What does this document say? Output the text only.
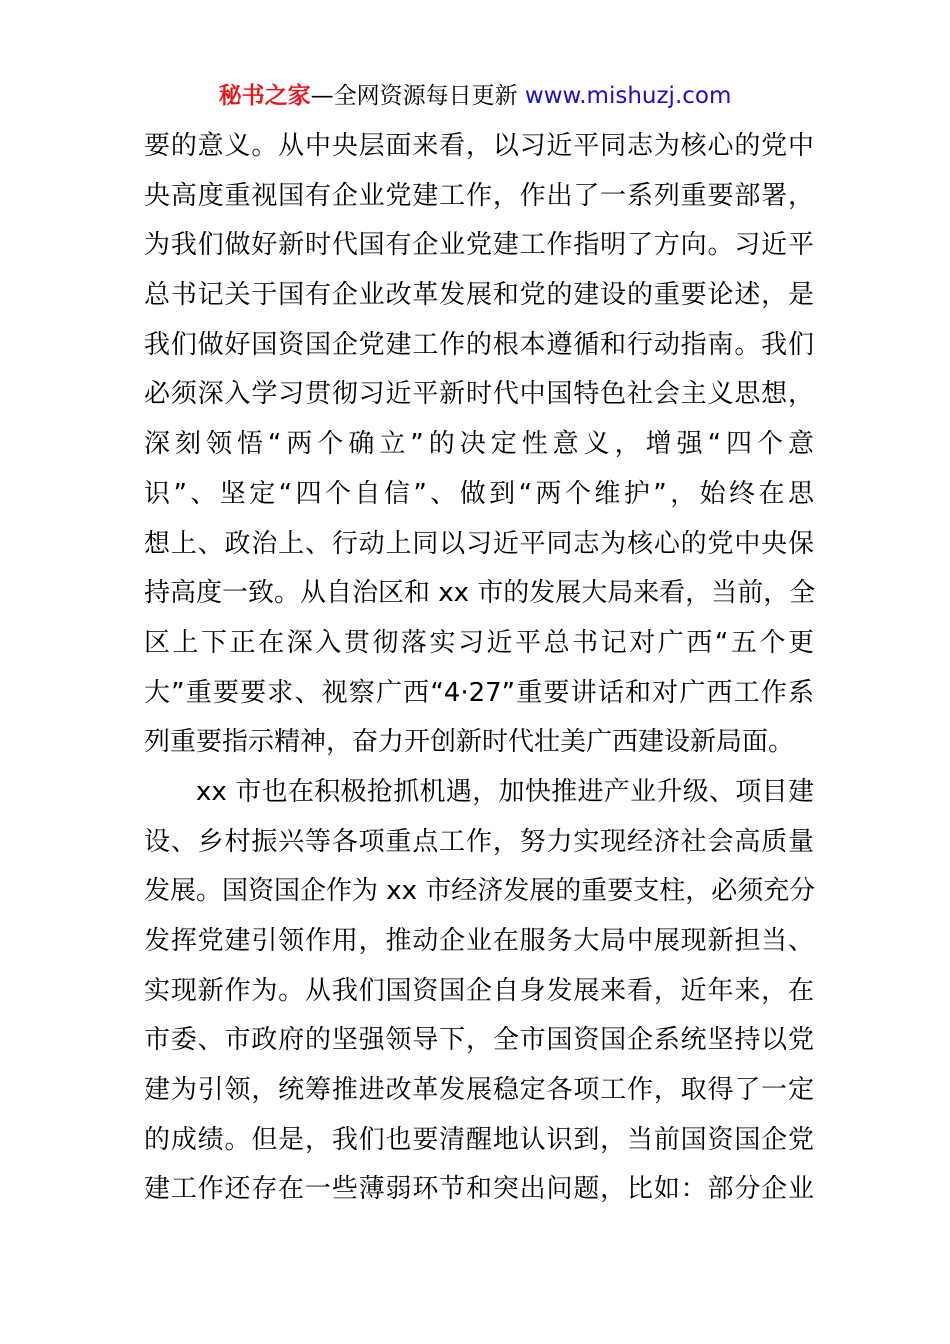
秘书之家—全网资源每日更新 www.mishuzj.com
要的意义。从中央层面来看，以习近平同志为核心的党中
央高度重视国有企业党建工作，作出了一系列重要部署，
为我们做好新时代国有企业党建工作指明了方向。习近平
总书记关于国有企业改革发展和党的建设的重要论述，是
我们做好国资国企党建工作的根本遵循和行动指南。我们
必须深入学习贯彻习近平新时代中国特色社会主义思想，
深刻领悟“两个确立”的决定性意义，增强“四个意
识”、坚定“四个自信”、做到“两个维护”，始终在思
想上、政治上、行动上同以习近平同志为核心的党中央保
持高度一致。从自治区和 xx 市的发展大局来看，当前，全
区上下正在深入贯彻落实习近平总书记对广西“五个更
大”重要要求、视察广西“4·27”重要讲话和对广西工作系
列重要指示精神，奋力开创新时代壮美广西建设新局面。
xx 市也在积极抢抓机遇，加快推进产业升级、项目建
设、乡村振兴等各项重点工作，努力实现经济社会高质量
发展。国资国企作为 xx 市经济发展的重要支柱，必须充分
发挥党建引领作用，推动企业在服务大局中展现新担当、
实现新作为。从我们国资国企自身发展来看，近年来，在
市委、市政府的坚强领导下，全市国资国企系统坚持以党
建为引领，统筹推进改革发展稳定各项工作，取得了一定
的成绩。但是，我们也要清醒地认识到，当前国资国企党
建工作还存在一些薄弱环节和突出问题，比如：部分企业
